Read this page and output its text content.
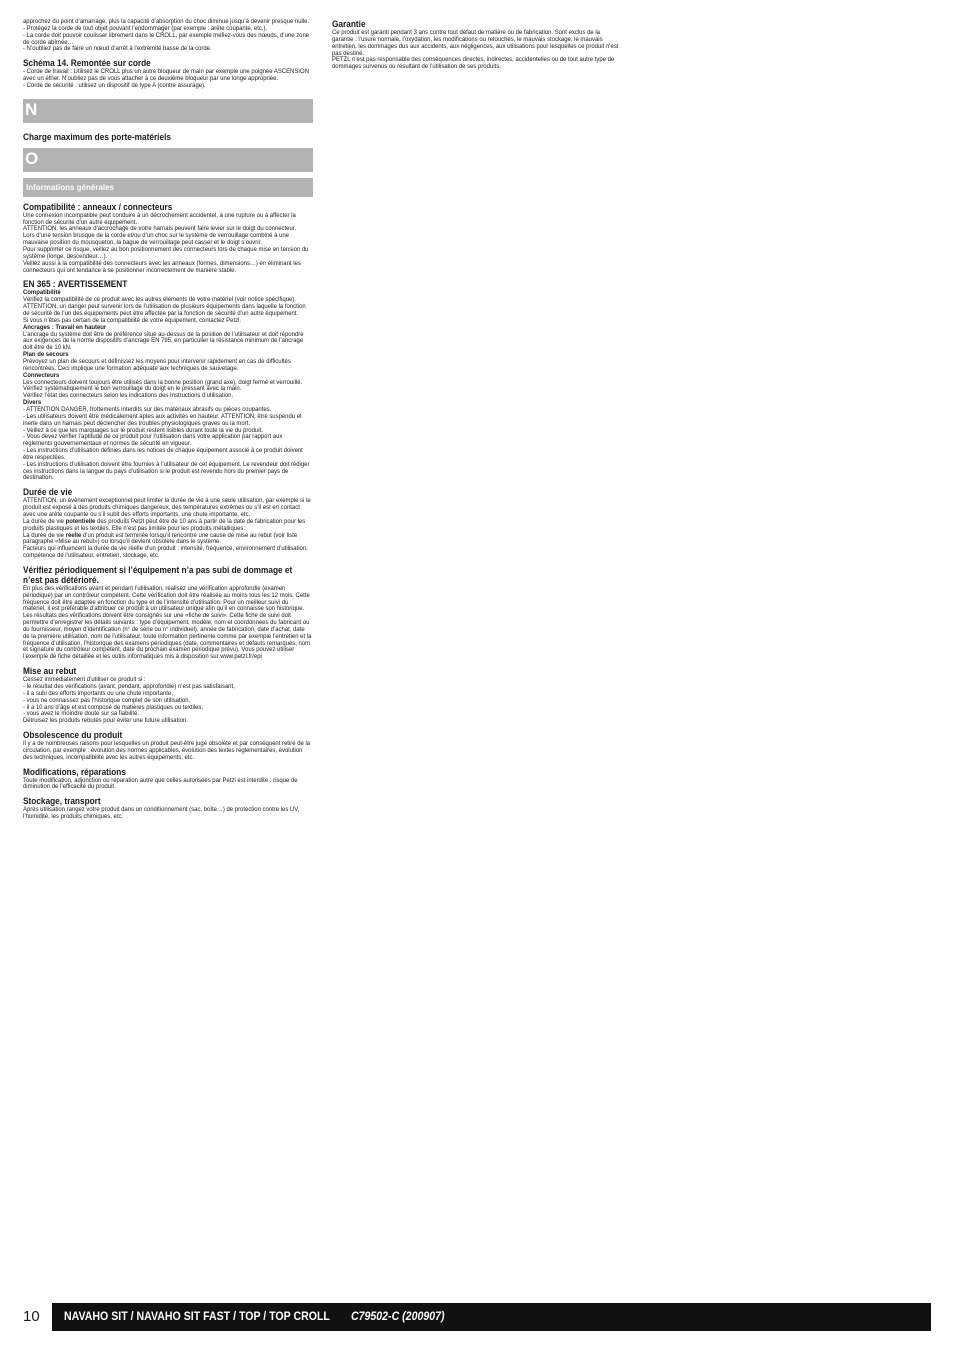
approchez du point d’amarrage, plus la capacité d’absorption du choc diminue jusqu’à devenir presque nulle.
- Protégez la corde de tout objet pouvant l’endommager (par exemple : arête coupante, etc.).
- La corde doit pouvoir coulisser librement dans le CROLL, par exemple méfiez-vous des nœuds, d’une zone de corde abîmée…
- N’oubliez pas de faire un nœud d’arrêt à l’extrémité basse de la corde.

Schéma 14. Remontée sur corde

- Corde de travail : Utilisez le CROLL plus un autre bloqueur de main par exemple une poignée ASCENSION avec un étrier. N’oubliez pas de vous attacher à ce deuxième bloqueur par une longe appropriée.
- Corde de sécurité : utilisez un dispositif de type A (contre assurage).

N

Charge maximum des porte-matériels

O
Informations générales

Compatibilité : anneaux / connecteurs

Une connexion incompatible peut conduire à un décrochement accidentel, à une rupture ou à affecter la fonction de sécurité d’un autre équipement.
ATTENTION, les anneaux d’accrochage de votre harnais peuvent faire levier sur le doigt du connecteur.
Lors d’une tension brusque de la corde et/ou d’un choc sur le système de verrouillage combiné à une mauvaise position du mousqueton, la bague de verrouillage peut casser et le doigt s’ouvrir.
Pour supprimer ce risque, veillez au bon positionnement des connecteurs lors de chaque mise en tension du système (longe, descendeur…).
Veillez aussi à la compatibilité des connecteurs avec les anneaux (formes, dimensions…) en éliminant les connecteurs qui ont tendance à se positionner incorrectement de manière stable.

EN 365 : AVERTISSEMENT

Compatibilité

Vérifiez la compatibilité de ce produit avec les autres éléments de votre matériel (voir notice spécifique).
ATTENTION, un danger peut survenir lors de l’utilisation de plusieurs équipements dans laquelle la fonction de sécurité de l’un des équipements peut être affectée par la fonction de sécurité d’un autre équipement.
Si vous n’êtes pas certain de la compatibilité de votre équipement, contactez Petzl.

Ancrages : Travail en hauteur

L’ancrage du système doit être de préférence situé au-dessus de la position de l’utilisateur et doit répondre aux exigences de la norme dispositifs d’ancrage EN 795, en particulier la résistance minimum de l’ancrage doit être de 10 kN.

Plan de secours

Prévoyez un plan de secours et définissez les moyens pour intervenir rapidement en cas de difficultés rencontrées. Ceci implique une formation adéquate aux techniques de sauvetage.

Connecteurs

Les connecteurs doivent toujours être utilisés dans la bonne position (grand axe), doigt fermé et verrouillé. Vérifiez systématiquement le bon verrouillage du doigt en le pressant avec la main.
Vérifiez l’état des connecteurs selon les indications des Instructions d’utilisation.

Divers

- ATTENTION DANGER, frottements interdits sur des matériaux abrasifs ou pièces coupantes.
- Les utilisateurs doivent être médicalement aptes aux activités en hauteur. ATTENTION, être suspendu et inerte dans un harnais peut déclencher des troubles physiologiques graves ou la mort.
- Veillez à ce que les marquages sur le produit restent lisibles durant toute la vie du produit.
- Vous devez vérifier l’aptitude de ce produit pour l’utilisation dans votre application par rapport aux règlements gouvernementaux et normes de sécurité en vigueur.
- Les instructions d’utilisation définies dans les notices de chaque équipement associé à ce produit doivent être respectées.
- Les instructions d’utilisation doivent être fournies à l’utilisateur de cet équipement. Le revendeur doit rédiger ces instructions dans la langue du pays d’utilisation si le produit est revendu hors du premier pays de destination.

Durée de vie

ATTENTION, un évènement exceptionnel peut limiter la durée de vie à une seule utilisation, par exemple si le produit est exposé à des produits chimiques dangereux, des températures extrêmes ou s’il est en contact avec une arête coupante ou s’il subit des efforts importants, une chute importante, etc.
La durée de vie potentielle des produits Petzl peut être de 10 ans à partir de la date de fabrication pour les produits plastiques et les textiles. Elle n’est pas limitée pour les produits métalliques.
La durée de vie réelle d’un produit est terminée lorsqu’il rencontre une cause de mise au rebut (voir liste paragraphe «Mise au rebut») ou lorsqu’il devient obsolète dans le système.
Facteurs qui influencent la durée de vie réelle d’un produit : intensité, fréquence, environnement d’utilisation, compétence de l’utilisateur, entretien, stockage, etc.

Vérifiez périodiquement si l’équipement n’a pas subi de dommage et n’est pas détérioré.

En plus des vérifications avant et pendant l’utilisation, réalisez une vérification approfondie (examen périodique) par un contrôleur compétent. Cette vérification doit être réalisée au moins tous les 12 mois. Cette fréquence doit être adaptée en fonction du type et de l’intensité d’utilisation. Pour un meilleur suivi du matériel, il est préférable d’attribuer ce produit à un utilisateur unique afin qu’il en connaisse son historique. Les résultats des vérifications doivent être consignés sur une «fiche de suivi». Cette fiche de suivi doit permettre d’enregistrer les détails suivants : type d’équipement, modèle, nom et coordonnées du fabricant ou du fournisseur, moyen d’identification (n° de série ou n° individuel), année de fabrication, date d’achat, date de la première utilisation, nom de l’utilisateur, toute information pertinente comme par exemple l’entretien et la fréquence d’utilisation, l’historique des examens périodiques (date, commentaires et défauts remarqués, nom et signature du contrôleur compétent, date du prochain examen périodique prévu). Vous pouvez utiliser l’exemple de fiche détaillée et les outils informatiques mis à disposition sur www.petzl.fr/epi

Mise au rebut

Cessez immédiatement d’utiliser ce produit si :
- le résultat des vérifications (avant, pendant, approfondie) n’est pas satisfaisant,
- il a subi des efforts importants ou une chute importante,
- vous ne connaissez pas l’historique complet de son utilisation,
- il a 10 ans d’âge et est composé de matières plastiques ou textiles,
- vous avez le moindre doute sur sa fiabilité.
Détruisez les produits rebutés pour éviter une future utilisation.

Obsolescence du produit

Il y a de nombreuses raisons pour lesquelles un produit peut-être jugé obsolète et par conséquent retiré de la circulation, par exemple : évolution des normes applicables, évolution des textes réglementaires, évolution des techniques, incompatibilité avec les autres équipements, etc.

Modifications, réparations

Toute modification, adjonction ou réparation autre que celles autorisées par Petzl est interdite : risque de diminution de l’efficacité du produit.

Stockage, transport

Après utilisation rangez votre produit dans un conditionnement (sac, boîte…) de protection contre les UV, l’humidité, les produits chimiques, etc.

Garantie

Ce produit est garanti pendant 3 ans contre tout défaut de matière ou de fabrication. Sont exclus de la garantie : l’usure normale, l’oxydation, les modifications ou retouches, le mauvais stockage, le mauvais entretien, les dommages dus aux accidents, aux négligences, aux utilisations pour lesquelles ce produit n’est pas destiné.
PETZL n’est pas responsable des conséquences directes, indirectes, accidentelles ou de tout autre type de dommages survenus ou résultant de l’utilisation de ses produits.

10 NAVAHO SIT / NAVAHO SIT FAST / TOP / TOP CROLL C79502-C (200907)
